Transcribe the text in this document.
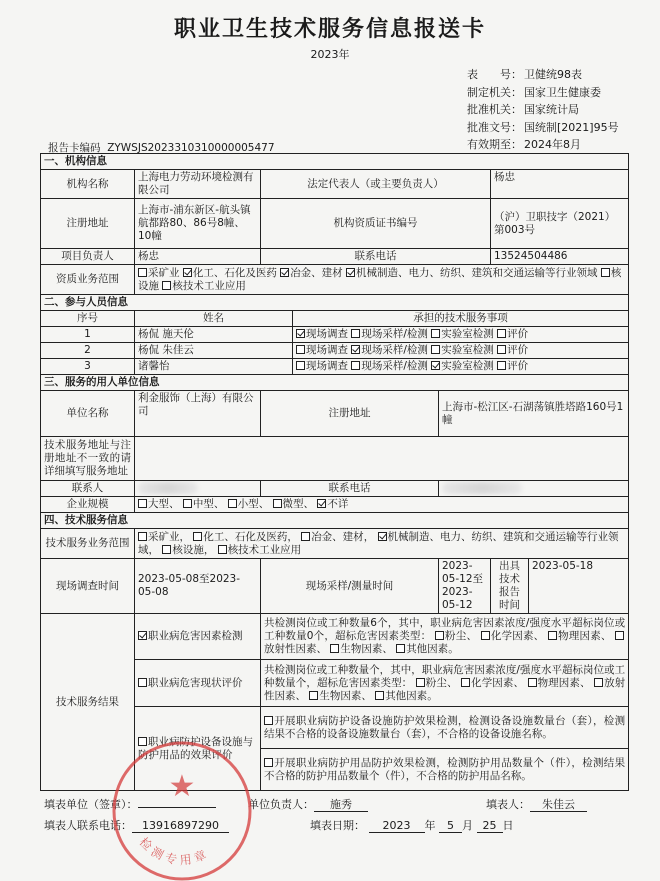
职业卫生技术服务信息报送卡
2023年
表　　号： 卫健统98表
制定机关： 国家卫生健康委
批准机关： 国家统计局
批准文号： 国统制[2021]95号
有效期至： 2024年8月
报告卡编码 ZYWSJS2023310310000005477
一、机构信息						
机构名称	上海电力劳动环境检测有限公司	法定代表人（或主要负责人）			杨忠	
注册地址	上海市-浦东新区-航头镇航都路80、86号8幢、10幢	机构资质证书编号			（沪）卫职技字（2021）第003号	
项目负责人	杨忠	联系电话			13524504486	
资质业务范围	采矿业 化工、石化及医药 冶金、建材 机械制造、电力、纺织、建筑和交通运输等行业领域 核设施 核技术工业应用					
二、参与人员信息						
序号	姓名		承担的技术服务事项			
1	杨侃 施天伦		现场调查 现场采样/检测 实验室检测 评价			
2	杨侃 朱佳云		现场调查 现场采样/检测 实验室检测 评价			
3	诸馨怡		现场调查 现场采样/检测 实验室检测 评价			
三、服务的用人单位信息						
单位名称	利金服饰（上海）有限公司	注册地址		上海市-松江区-石湖荡镇胜塔路160号1幢		
技术服务地址与注册地址不一致的请详细填写服务地址						
联系人		联系电话				
企业规模	大型、 中型、 小型、 微型、 不详					
四、技术服务信息						
技术服务业务范围	采矿业， 化工、石化及医药， 冶金、建材， 机械制造、电力、纺织、建筑和交通运输等行业领域， 核设施， 核技术工业应用					
现场调查时间	2023-05-08至2023-05-08	现场采样/测量时间		2023-05-12至2023-05-12	出具技术报告时间	2023-05-18
技术服务结果	职业病危害因素检测	共检测岗位或工种数量6个，其中，职业病危害因素浓度/强度水平超标岗位或工种数量0个，超标危害因素类型： 粉尘、 化学因素、 物理因素、 放射性因素、 生物因素、 其他因素。				
	职业病危害现状评价	共检测岗位或工种数量个，其中，职业病危害因素浓度/强度水平超标岗位或工种数量个，超标危害因素类型： 粉尘、 化学因素、 物理因素、 放射性因素、 生物因素、 其他因素。				
	职业病防护设备设施与防护用品的效果评价	开展职业病防护设备设施防护效果检测，检测设备设施数量台（套），检测结果不合格的设备设施数量台（套），不合格的设备设施名称。				
		开展职业病防护用品防护效果检测，检测防护用品数量个（件），检测结果不合格的防护用品数量个（件），不合格的防护用品名称。				
填表单位（签章）：	单位负责人： 施秀	填表人： 朱佳云
填表人联系电话： 13916897290	填表日期： 2023 年 5 月 25 日
检测专用章
★
